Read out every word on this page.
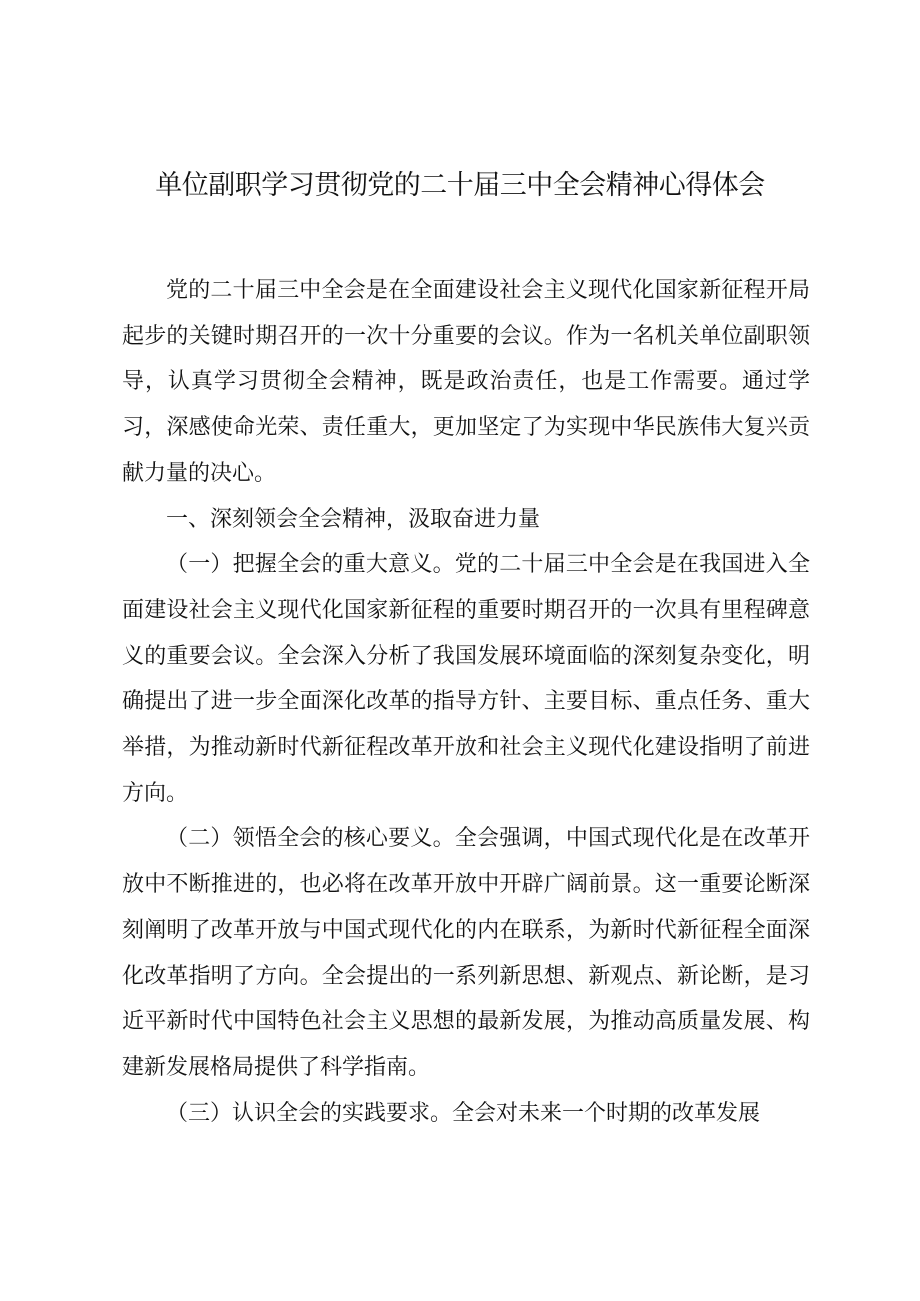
单位副职学习贯彻党的二十届三中全会精神心得体会

党的二十届三中全会是在全面建设社会主义现代化国家新征程开局起步的关键时期召开的一次十分重要的会议。作为一名机关单位副职领导，认真学习贯彻全会精神，既是政治责任，也是工作需要。通过学习，深感使命光荣、责任重大，更加坚定了为实现中华民族伟大复兴贡献力量的决心。

一、深刻领会全会精神，汲取奋进力量

（一）把握全会的重大意义。党的二十届三中全会是在我国进入全面建设社会主义现代化国家新征程的重要时期召开的一次具有里程碑意义的重要会议。全会深入分析了我国发展环境面临的深刻复杂变化，明确提出了进一步全面深化改革的指导方针、主要目标、重点任务、重大举措，为推动新时代新征程改革开放和社会主义现代化建设指明了前进方向。

（二）领悟全会的核心要义。全会强调，中国式现代化是在改革开放中不断推进的，也必将在改革开放中开辟广阔前景。这一重要论断深刻阐明了改革开放与中国式现代化的内在联系，为新时代新征程全面深化改革指明了方向。全会提出的一系列新思想、新观点、新论断，是习近平新时代中国特色社会主义思想的最新发展，为推动高质量发展、构建新发展格局提供了科学指南。

（三）认识全会的实践要求。全会对未来一个时期的改革发展
